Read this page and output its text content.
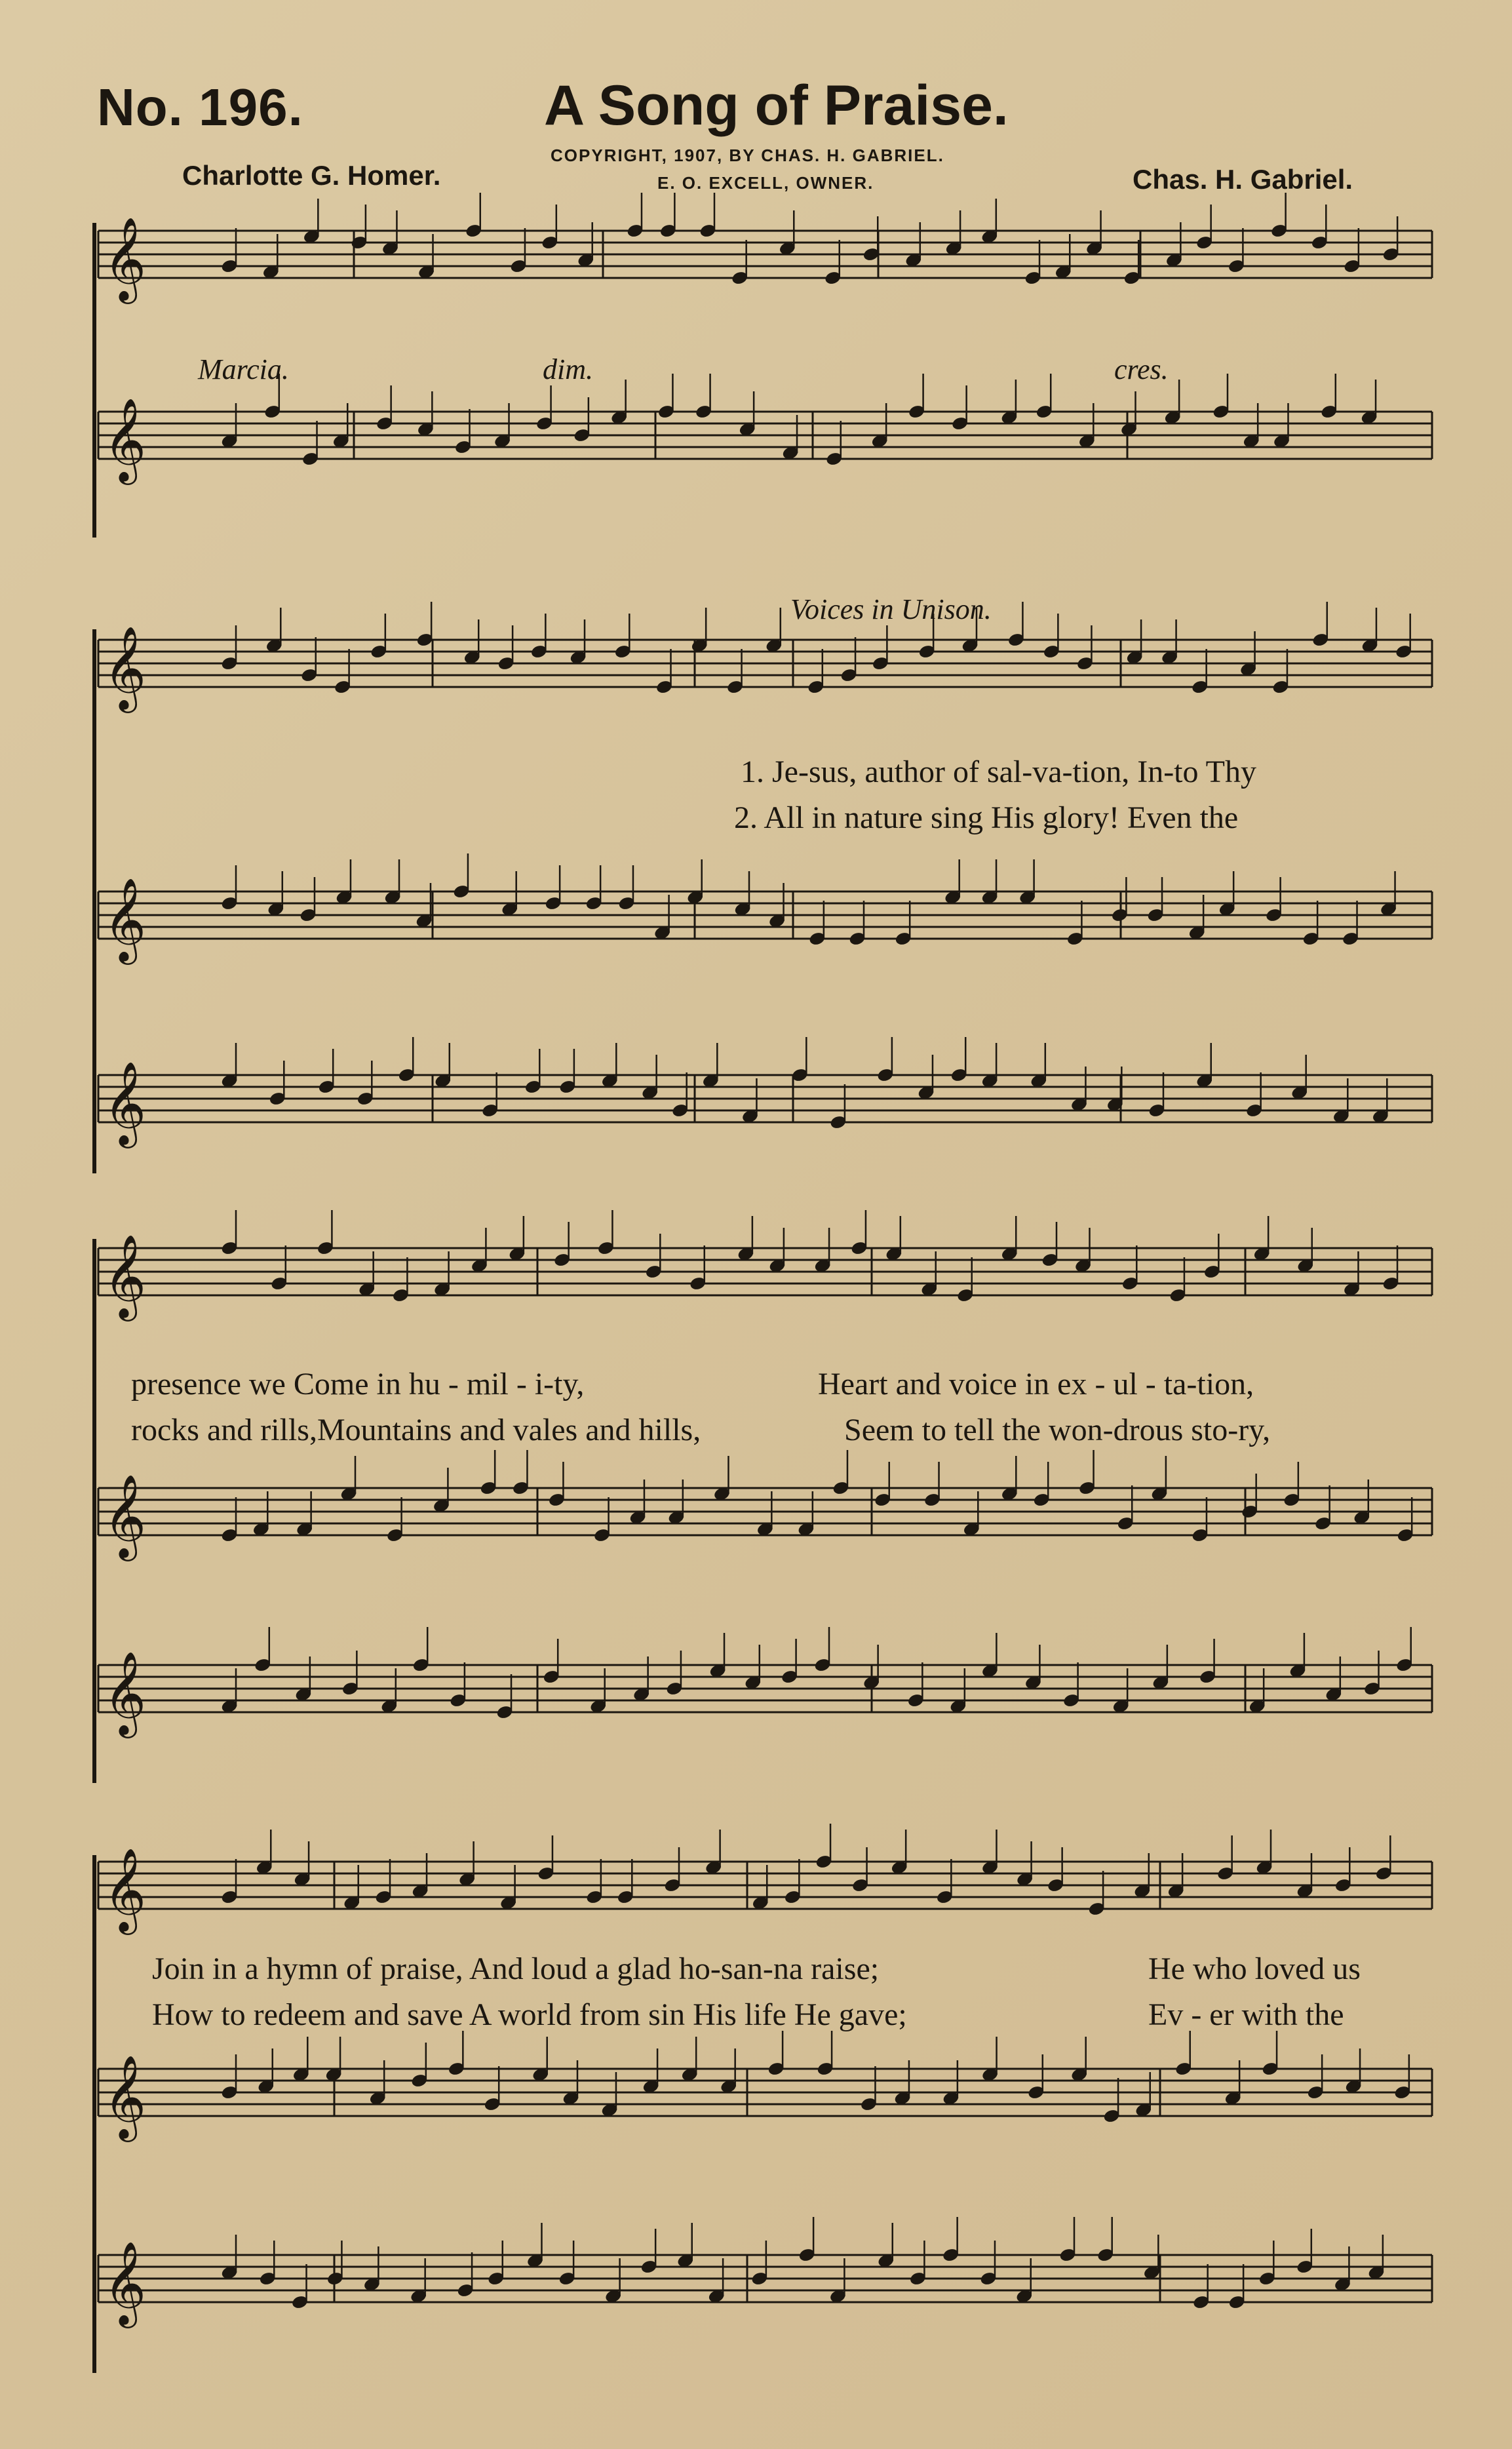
No. 196.	A Song of Praise.
Charlotte G. Homer.	Chas. H. Gabriel.
COPYRIGHT, 1907, BY CHAS. H. GABRIEL.
E. O. EXCELL, OWNER.
𝄞
𝄞
𝄞
𝄞
𝄞
𝄞
𝄞
𝄞
𝄞
𝄞
𝄞
Marcia.	dim.	cres.
Voices in Unison.
1. Je-sus, author of sal-va-tion, In-to Thy
2. All in nature sing His glory! Even the
presence we Come in hu - mil - i-ty,	Heart and voice in ex - ul - ta-tion,
rocks and rills,Mountains and vales and hills,	Seem to tell the won-drous sto-ry,
Join in a hymn of praise, And loud a glad ho-san-na raise;	He who loved us
How to redeem and save A world from sin His life He gave;	Ev - er with the
